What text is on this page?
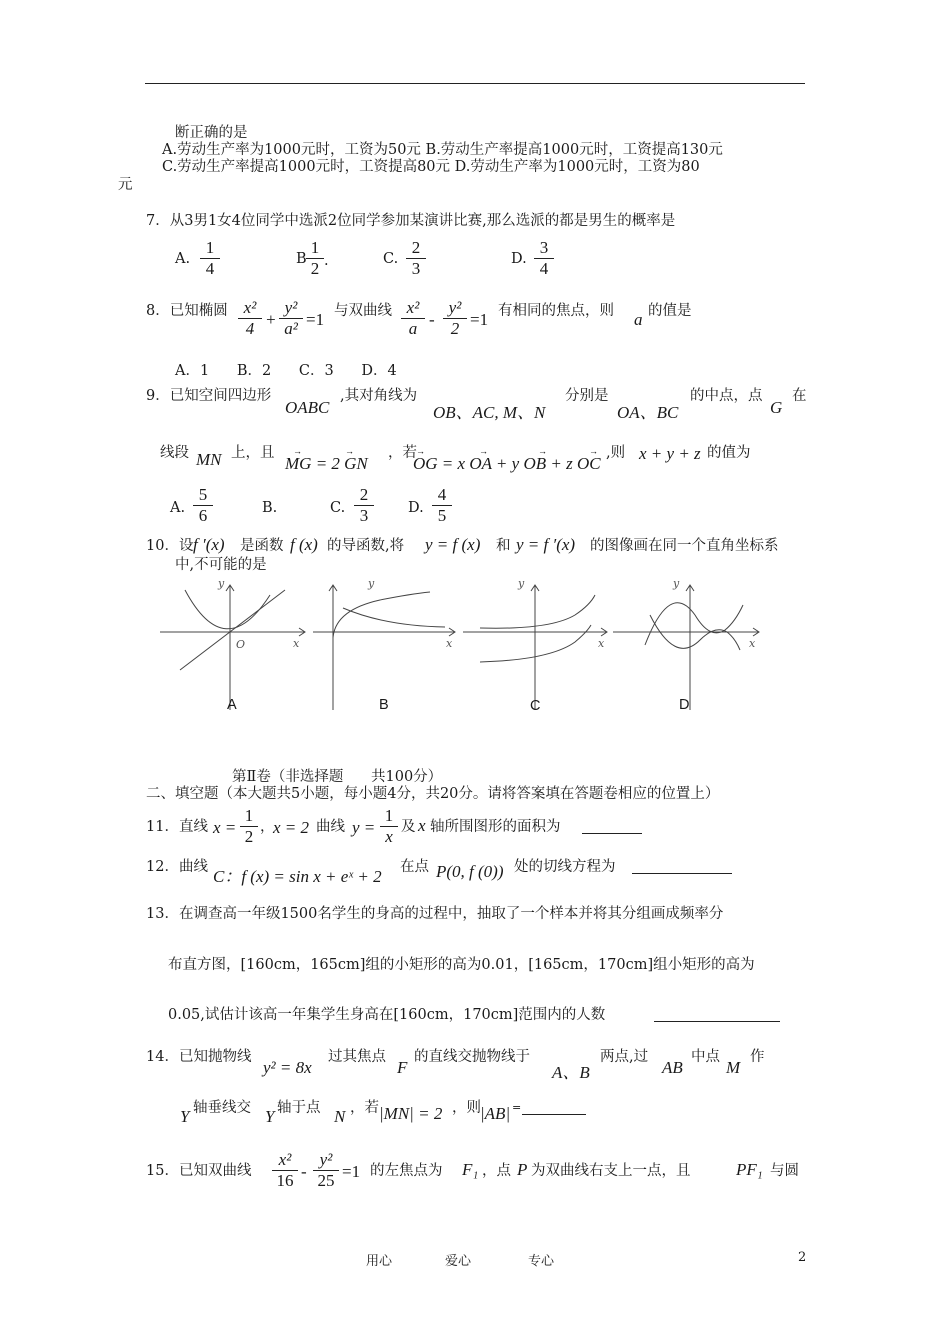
断正确的是
A.劳动生产率为1000元时，工资为50元 B.劳动生产率提高1000元时，工资提高130元
C.劳动生产率提高1000元时，工资提高80元 D.劳动生产率为1000元时，工资为80
元
7．从3男1女4位同学中选派2位同学参加某演讲比赛,那么选派的都是男生的概率是
A. $\frac{1}{4}$	B $\frac{1}{2}$ .	C. $\frac{2}{3}$	D. $\frac{3}{4}$
8．已知椭圆 $\frac{\text{x²}}{4} + \frac{\text{y²}}{\text{a²}} =1$ 与双曲线 $\frac{\text{x²}}{a} - \frac{\text{y²}}{2} =1$ 有相同的焦点，则 a 的值是
A．1      B．2      C．3      D．4
9．已知空间四边形
OABC
,其对角线为
OB、AC, M、N
分别是
OA、BC
的中点，点
G
在
线段 MN 上，且
MG = 2 GN
，若
OG = x OA + y OB + z OC
,则 x + y + z 的值为
→	→	→	→	→	→
A. $\frac{5}{6}$	B.	C. $\frac{2}{3} D$. $\frac{4}{5}$
10．设 f ′(x) 是函数 f (x) 的导函数,将 y = f (x) 和 y = f ′(x) 的图像画在同一个直角坐标系
中,不可能的是
y
x
O
y
x
y
x
y
x
A	B	C	D
第Ⅱ卷（非选择题      共100分）
二、填空题（本大题共5小题，每小题4分，共20分。请将答案填在答题卷相应的位置上）
11．直线 $x = \frac{1}{2}$ ，
x = 2 曲线 $y = \frac{1}{x}$ 及 x 轴所围图形的面积为
12．曲线 C：f (x) = sin x + eˣ + 2 在点 P(0, f (0)) 处的切线方程为
13．在调查高一年级1500名学生的身高的过程中，抽取了一个样本并将其分组画成频率分
布直方图，[160cm，165cm]组的小矩形的高为0.01，[165cm，170cm]组小矩形的高为
0.05,试估计该高一年集学生身高在[160cm，170cm]范围内的人数
14．已知抛物线
y² = 8x
过其焦点
F
的直线交抛物线于
A、B
两点,过
AB
中点
M
作
Y 轴垂线交 Y 轴于点 N ，若 |MN| = 2 ，则 |AB| =
15．已知双曲线 $\frac{\text{x²}}{16} - \frac{\text{y²}}{25} =1$ 的左焦点为 F₁ ，点 P 为双曲线右支上一点，且	PF₁ 与圆
用心	爱心	专心	2
